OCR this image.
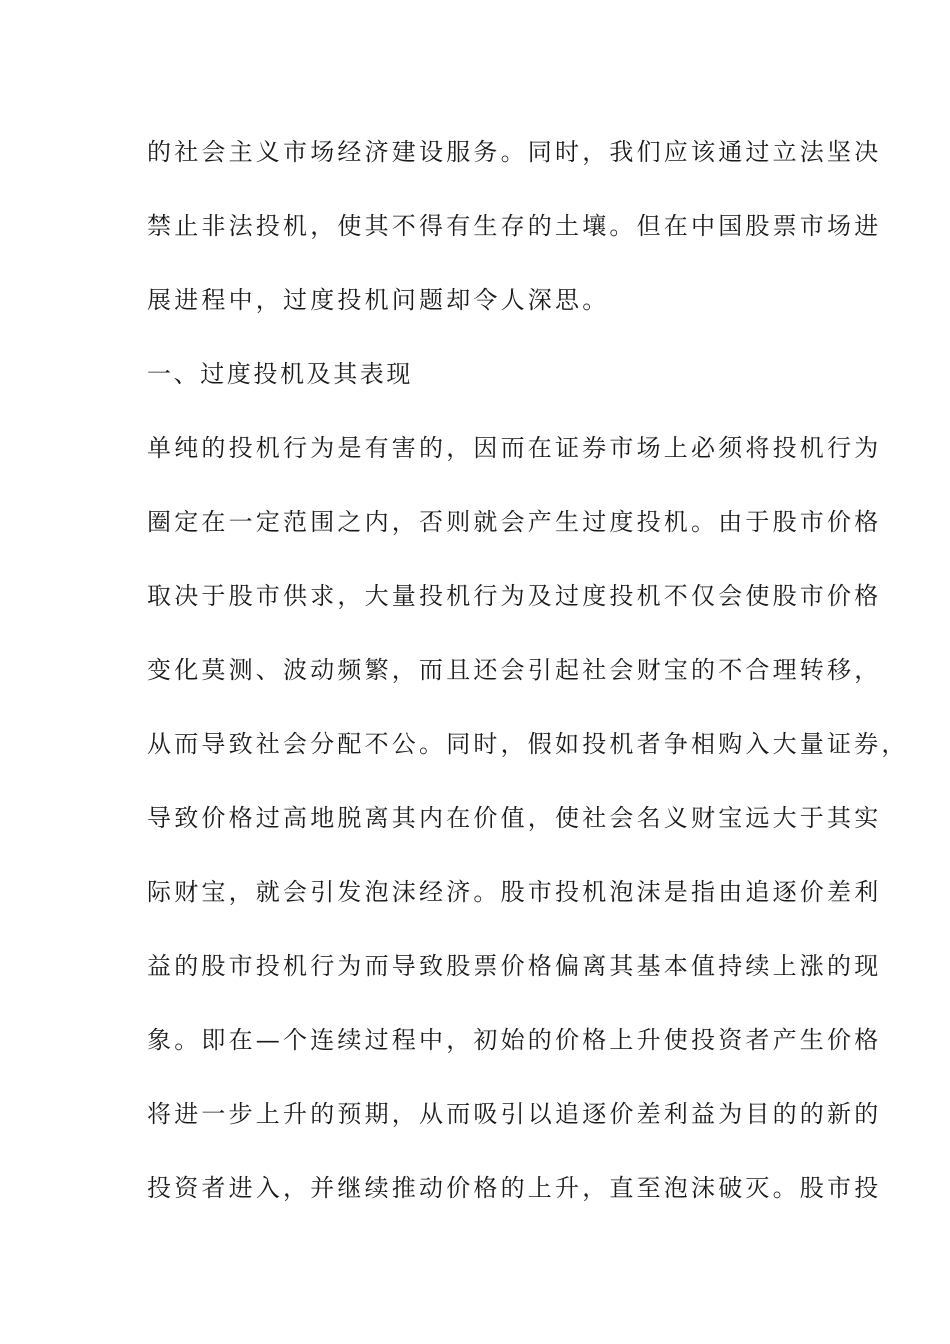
的社会主义市场经济建设服务。同时，我们应该通过立法坚决
禁止非法投机，使其不得有生存的土壤。但在中国股票市场进
展进程中，过度投机问题却令人深思。
一、过度投机及其表现
单纯的投机行为是有害的，因而在证券市场上必须将投机行为
圈定在一定范围之内，否则就会产生过度投机。由于股市价格
取决于股市供求，大量投机行为及过度投机不仅会使股市价格
变化莫测、波动频繁，而且还会引起社会财宝的不合理转移，
从而导致社会分配不公。同时，假如投机者争相购入大量证券，
导致价格过高地脱离其内在价值，使社会名义财宝远大于其实
际财宝，就会引发泡沫经济。股市投机泡沫是指由追逐价差利
益的股市投机行为而导致股票价格偏离其基本值持续上涨的现
象。即在—个连续过程中，初始的价格上升使投资者产生价格
将进一步上升的预期，从而吸引以追逐价差利益为目的的新的
投资者进入，并继续推动价格的上升，直至泡沫破灭。股市投
